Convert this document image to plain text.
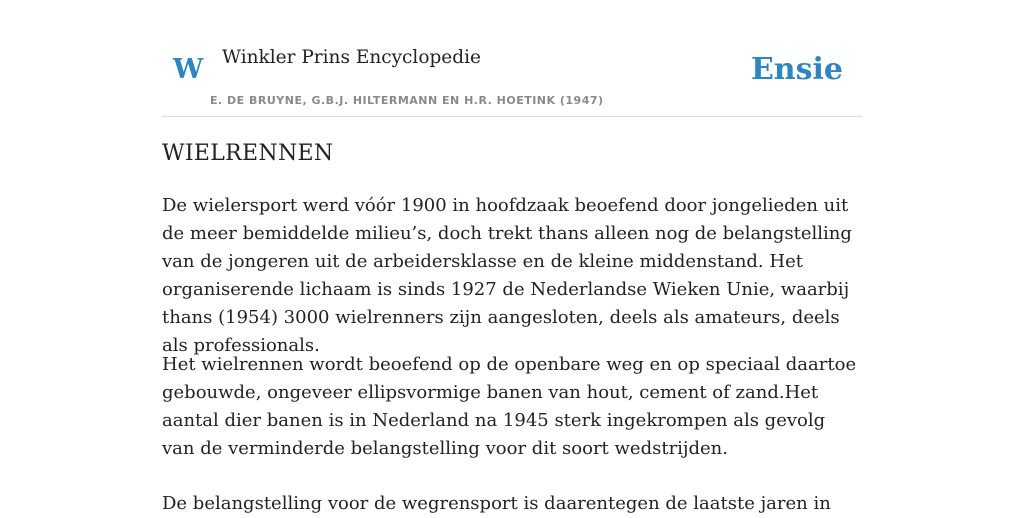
W Winkler Prins Encyclopedie
E. DE BRUYNE, G.B.J. HILTERMANN EN H.R. HOETINK (1947)
Ensie
WIELRENNEN

De wielersport werd vóór 1900 in hoofdzaak beoefend door jongelieden uit de meer bemiddelde milieu’s, doch trekt thans alleen nog de belangstelling van de jongeren uit de arbeidersklasse en de kleine middenstand. Het organiserende lichaam is sinds 1927 de Nederlandse Wieken Unie, waarbij thans (1954) 3000 wielrenners zijn aangesloten, deels als amateurs, deels als professionals.

Het wielrennen wordt beoefend op de openbare weg en op speciaal daartoe gebouwde, ongeveer ellipsvormige banen van hout, cement of zand.Het aantal dier banen is in Nederland na 1945 sterk ingekrompen als gevolg van de verminderde belangstelling voor dit soort wedstrijden.

De belangstelling voor de wegrensport is daarentegen de laatste jaren in
